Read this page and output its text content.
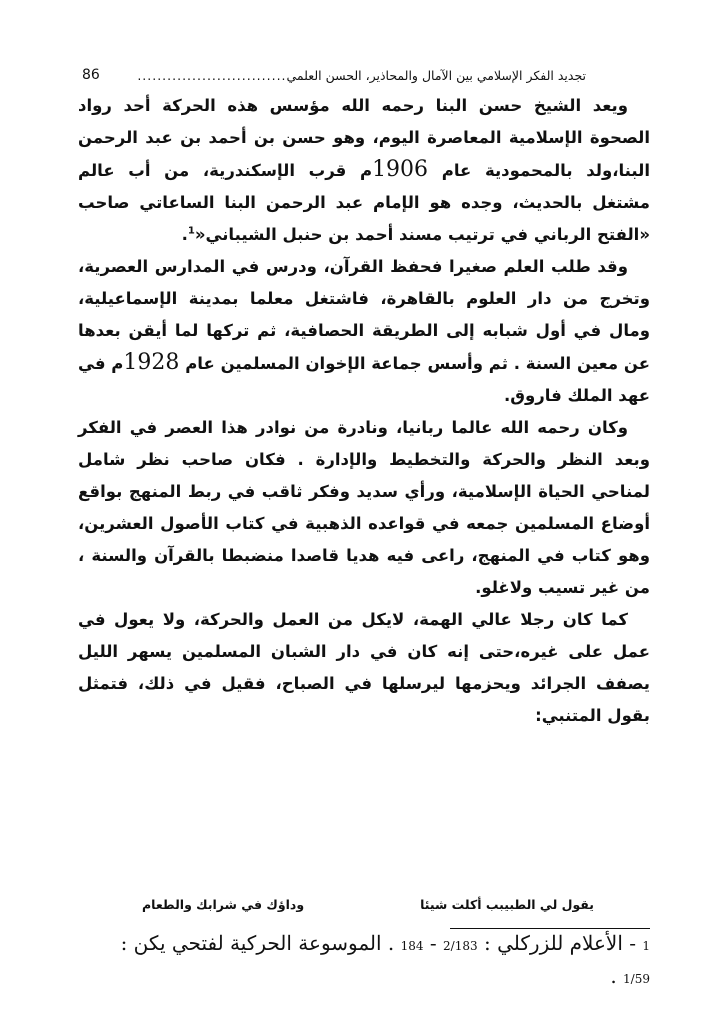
تجديد الفكر الإسلامي بين الآمال والمحاذير، الحسن العلمي
..............................
86

ويعد الشيخ حسن البنا رحمه الله مؤسس هذه الحركة أحد رواد الصحوة الإسلامية المعاصرة اليوم، وهو حسن بن أحمد بن عبد الرحمن البنا،ولد بالمحمودية عام 1906م قرب الإسكندرية، من أب عالم مشتغل بالحديث، وجده هو الإمام عبد الرحمن البنا الساعاتي صاحب «الفتح الرباني في ترتيب مسند أحمد بن حنبل الشيباني«$^1$.

وقد طلب العلم صغيرا فحفظ القرآن، ودرس في المدارس العصرية، وتخرج من دار العلوم بالقاهرة، فاشتغل معلما بمدينة الإسماعيلية، ومال في أول شبابه إلى الطريقة الحصافية، ثم تركها لما أيقن بعدها عن معين السنة . ثم وأسس جماعة الإخوان المسلمين عام 1928م في عهد الملك فاروق.

وكان رحمه الله عالما ربانيا، ونادرة من نوادر هذا العصر في الفكر وبعد النظر والحركة والتخطيط والإدارة . فكان صاحب نظر شامل لمناحي الحياة الإسلامية، ورأي سديد وفكر ثاقب في ربط المنهج بواقع أوضاع المسلمين جمعه في قواعده الذهبية في كتاب الأصول العشرين، وهو كتاب في المنهج، راعى فيه هديا قاصدا منضبطا بالقرآن والسنة ، من غير تسيب ولاغلو.

كما كان رجلا عالي الهمة، لايكل من العمل والحركة، ولا يعول في عمل على غيره،حتى إنه كان في دار الشبان المسلمين يسهر الليل يصفف الجرائد ويحزمها ليرسلها في الصباح، فقيل في ذلك، فتمثل بقول المتنبي:

يقول لي الطبيبب أكلت شيئا
وداؤك في شرابك والطعام
1 - الأعلام للزركلي : 2/183 - 184 . الموسوعة الحركية لفتحي يكن : 1/59 .
